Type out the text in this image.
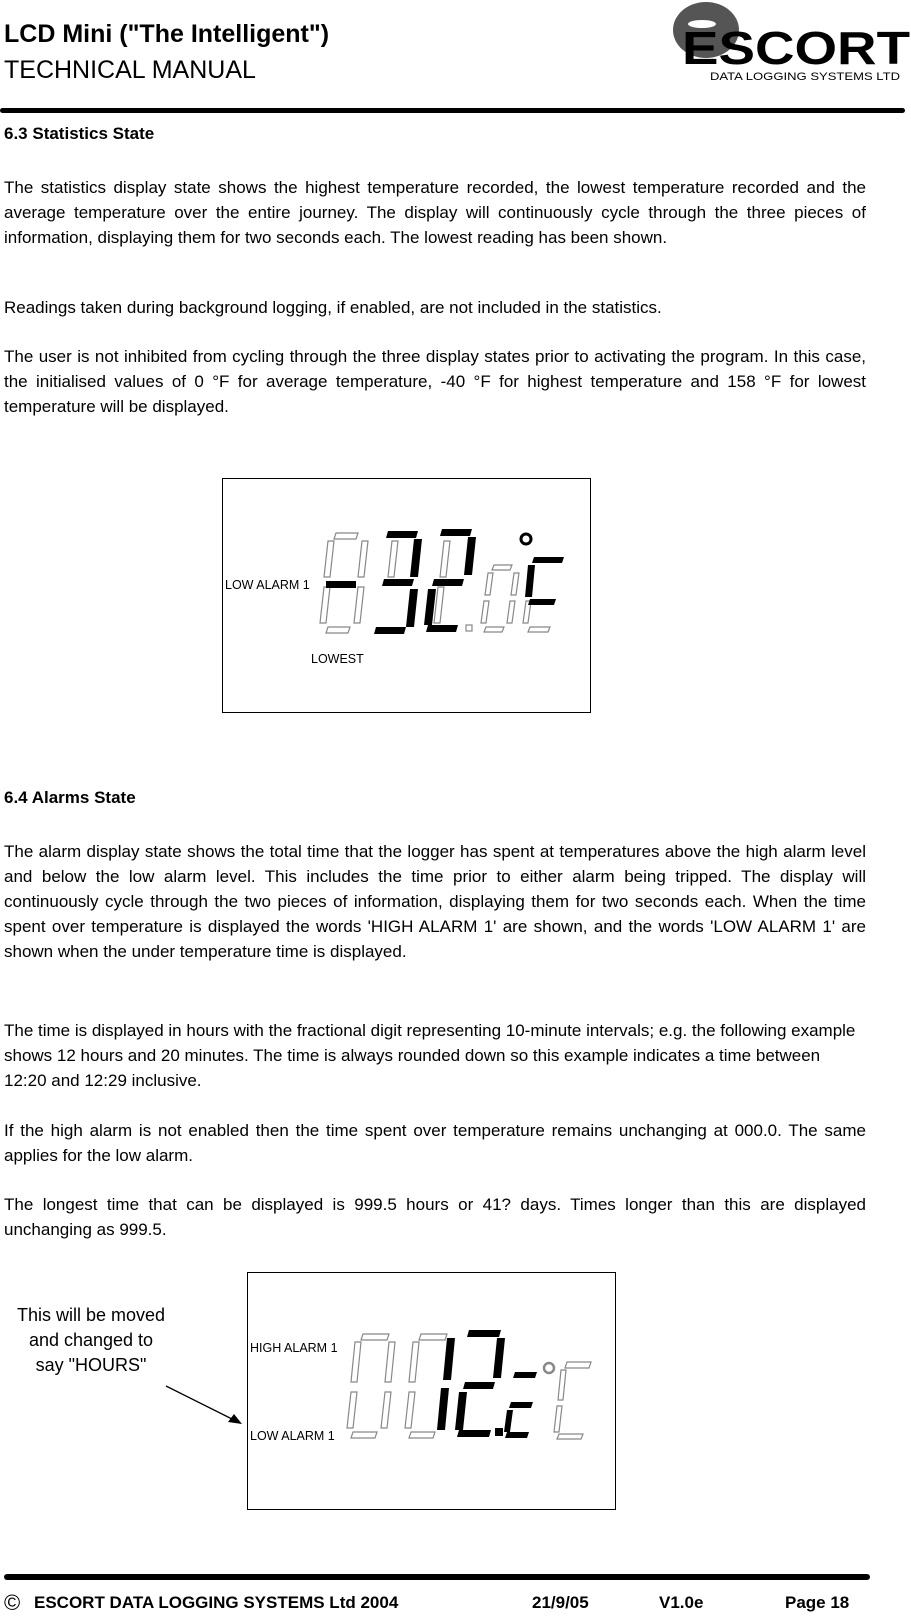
LCD Mini ("The Intelligent")
TECHNICAL MANUAL	ESCORT
DATA LOGGING SYSTEMS LTD
6.3 Statistics State

The statistics display state shows the highest temperature recorded, the lowest temperature recorded and the average temperature over the entire journey. The display will continuously cycle through the three pieces of information, displaying them for two seconds each. The lowest reading has been shown.

Readings taken during background logging, if enabled, are not included in the statistics.

The user is not inhibited from cycling through the three display states prior to activating the program. In this case, the initialised values of 0 °F for average temperature, -40 °F for highest temperature and 158 °F for lowest temperature will be displayed.

LOW ALARM 1
LOWEST
6.4 Alarms State

The alarm display state shows the total time that the logger has spent at temperatures above the high alarm level and below the low alarm level. This includes the time prior to either alarm being tripped. The display will continuously cycle through the two pieces of information, displaying them for two seconds each. When the time spent over temperature is displayed the words 'HIGH ALARM 1' are shown, and the words 'LOW ALARM 1' are shown when the under temperature time is displayed.

The time is displayed in hours with the fractional digit representing 10-minute intervals; e.g. the following example shows 12 hours and 20 minutes. The time is always rounded down so this example indicates a time between 12:20 and 12:29 inclusive.

If the high alarm is not enabled then the time spent over temperature remains unchanging at 000.0. The same applies for the low alarm.

The longest time that can be displayed is 999.5 hours or 41? days. Times longer than this are displayed unchanging as 999.5.

HIGH ALARM 1
LOW ALARM 1
This will be moved and changed to say "HOURS"
© ESCORT DATA LOGGING SYSTEMS Ltd 2004	21/9/05	V1.0e	Page 18
